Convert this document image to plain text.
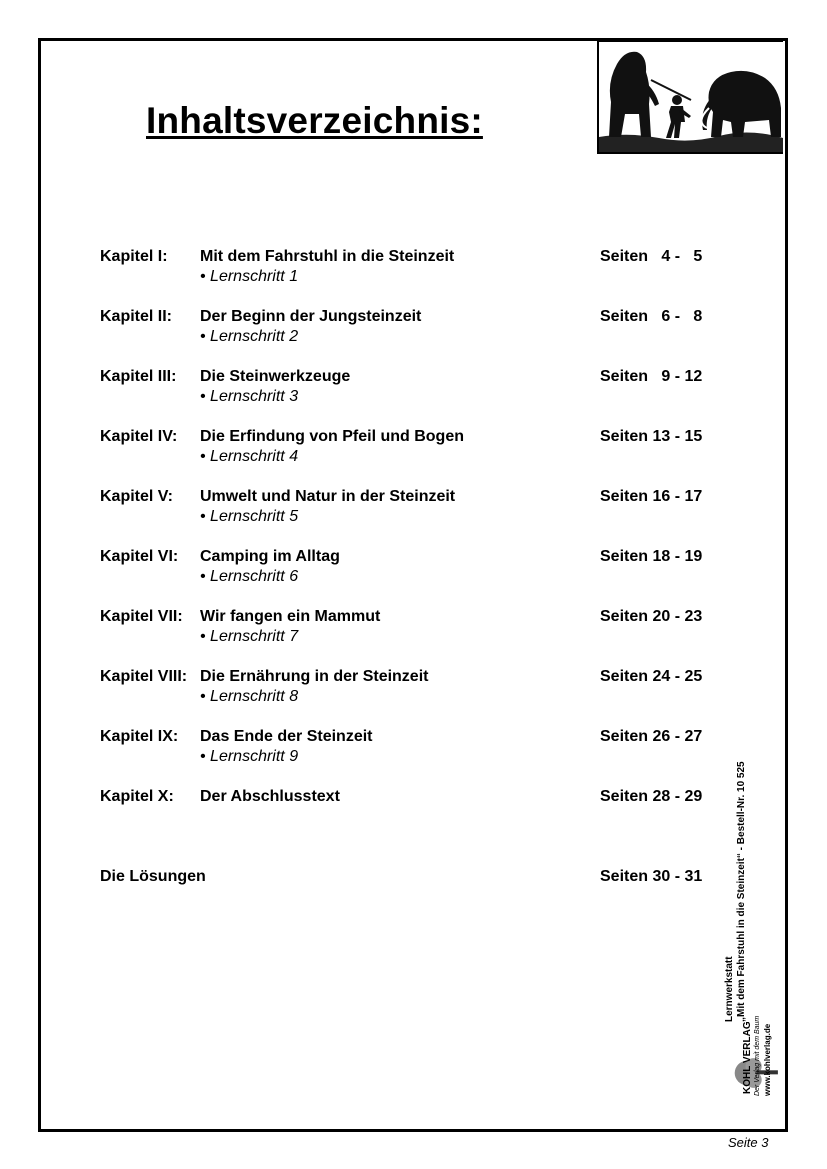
Inhaltsverzeichnis:
Kapitel I: Mit dem Fahrstuhl in die Steinzeit	Seiten   4 -   5
• Lernschritt 1
Kapitel II: Der Beginn der Jungsteinzeit	Seiten   6 -   8
• Lernschritt 2
Kapitel III: Die Steinwerkzeuge	Seiten   9 - 12
• Lernschritt 3
Kapitel IV: Die Erfindung von Pfeil und Bogen	Seiten 13 - 15
• Lernschritt 4
Kapitel V: Umwelt und Natur in der Steinzeit	Seiten 16 - 17
• Lernschritt 5
Kapitel VI: Camping im Alltag	Seiten 18 - 19
• Lernschritt 6
Kapitel VII: Wir fangen ein Mammut	Seiten 20 - 23
• Lernschritt 7
Kapitel VIII: Die Ernährung in der Steinzeit	Seiten 24 - 25
• Lernschritt 8
Kapitel IX: Das Ende der Steinzeit	Seiten 26 - 27
• Lernschritt 9
Kapitel X: Der Abschlusstext	Seiten 28 - 29
Die Lösungen	Seiten 30 - 31
KOHL VERLAG Der Verlag mit dem Baum www.kohlverlag.de
Lernwerkstatt „Mit dem Fahrstuhl in die Steinzeit“ - Bestell-Nr. 10 525
Seite 3
